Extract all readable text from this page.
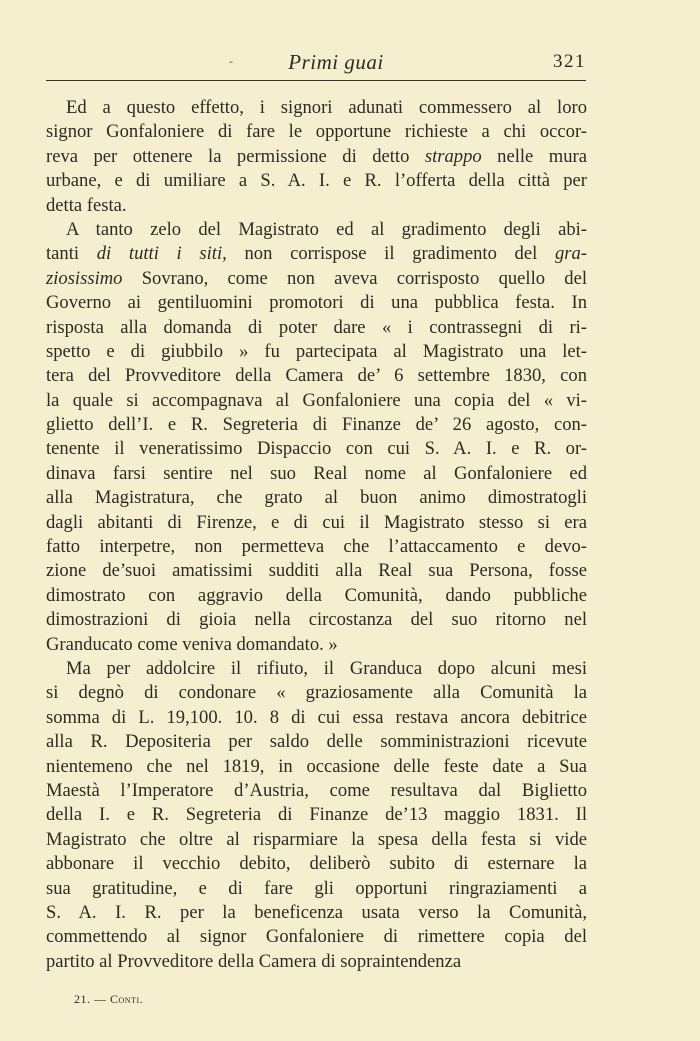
-	Primi guai	321
Ed a questo effetto, i signori adunati commessero al loro
signor Gonfaloniere di fare le opportune richieste a chi occor-
reva per ottenere la permissione di detto strappo nelle mura
urbane, e di umiliare a S. A. I. e R. l’offerta della città per
detta festa.
A tanto zelo del Magistrato ed al gradimento degli abi-
tanti di tutti i siti, non corrispose il gradimento del gra-
ziosissimo Sovrano, come non aveva corrisposto quello del
Governo ai gentiluomini promotori di una pubblica festa. In
risposta alla domanda di poter dare « i contrassegni di ri-
spetto e di giubbilo » fu partecipata al Magistrato una let-
tera del Provveditore della Camera de’ 6 settembre 1830, con
la quale si accompagnava al Gonfaloniere una copia del « vi-
glietto dell’I. e R. Segreteria di Finanze de’ 26 agosto, con-
tenente il veneratissimo Dispaccio con cui S. A. I. e R. or-
dinava farsi sentire nel suo Real nome al Gonfaloniere ed
alla Magistratura, che grato al buon animo dimostratogli
dagli abitanti di Firenze, e di cui il Magistrato stesso si era
fatto interpetre, non permetteva che l’attaccamento e devo-
zione de’suoi amatissimi sudditi alla Real sua Persona, fosse
dimostrato con aggravio della Comunità, dando pubbliche
dimostrazioni di gioia nella circostanza del suo ritorno nel
Granducato come veniva domandato. »
Ma per addolcire il rifiuto, il Granduca dopo alcuni mesi
si degnò di condonare « graziosamente alla Comunità la
somma di L. 19,100. 10. 8 di cui essa restava ancora debitrice
alla R. Depositeria per saldo delle somministrazioni ricevute
nientemeno che nel 1819, in occasione delle feste date a Sua
Maestà l’Imperatore d’Austria, come resultava dal Biglietto
della I. e R. Segreteria di Finanze de’13 maggio 1831. Il
Magistrato che oltre al risparmiare la spesa della festa si vide
abbonare il vecchio debito, deliberò subito di esternare la
sua gratitudine, e di fare gli opportuni ringraziamenti a
S. A. I. R. per la beneficenza usata verso la Comunità,
commettendo al signor Gonfaloniere di rimettere copia del
partito al Provveditore della Camera di sopraintendenza
21. — Conti.
